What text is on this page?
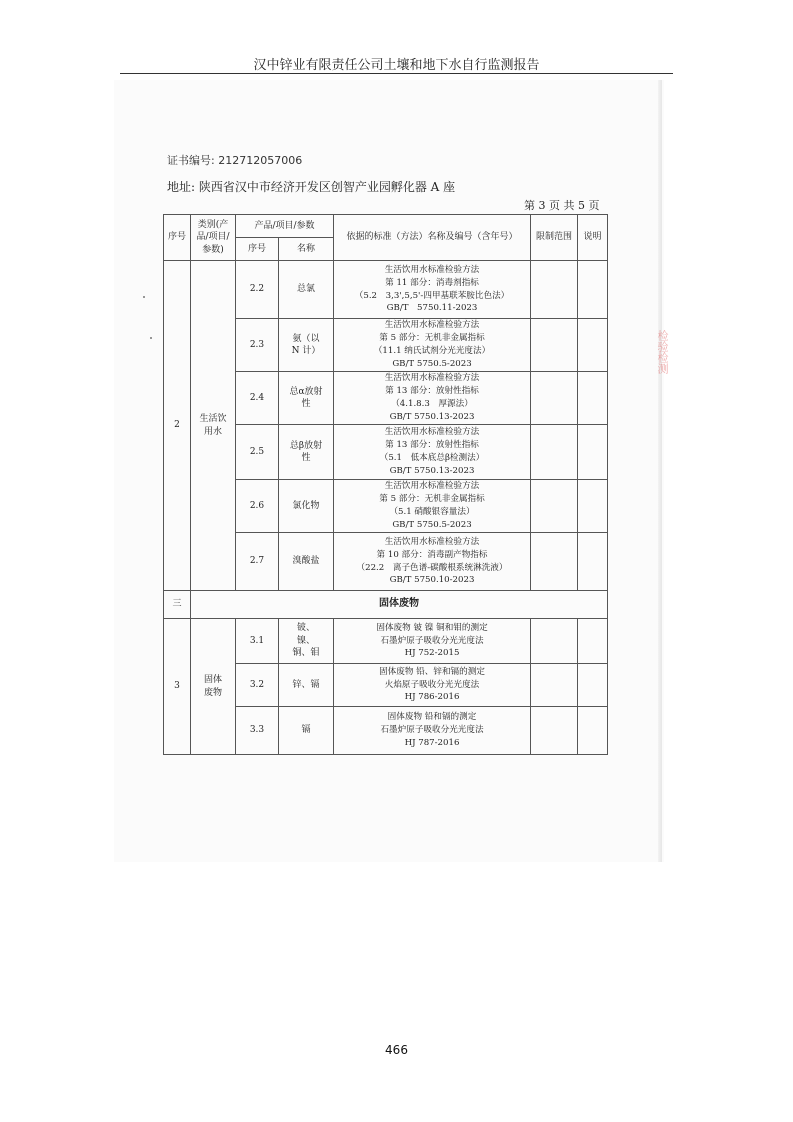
汉中锌业有限责任公司土壤和地下水自行监测报告
证书编号: 212712057006
地址: 陕西省汉中市经济开发区创智产业园孵化器 A 座
第 3 页 共 5 页
序号	类别(产品/项目/参数)	产品/项目/参数		依据的标准（方法）名称及编号（含年号）	限制范围	说明
		序号	名称			
2	生活饮用水	2.2	总氯	生活饮用水标准检验方法
第 11 部分：消毒剂指标
（5.2　3,3',5,5'-四甲基联苯胺比色法）
GB/T　5750.11-2023		

		2.3	氨（以 N 计）	生活饮用水标准检验方法
第 5 部分：无机非金属指标
（11.1 纳氏试剂分光光度法）
GB/T 5750.5-2023		

		2.4	总α放射性	生活饮用水标准检验方法
第 13 部分：放射性指标
（4.1.8.3　厚源法）
GB/T 5750.13-2023		

		2.5	总β放射性	生活饮用水标准检验方法
第 13 部分：放射性指标
（5.1　低本底总β检测法）
GB/T 5750.13-2023		

		2.6	氯化物	生活饮用水标准检验方法
第 5 部分：无机非金属指标
（5.1 硝酸银容量法）
GB/T 5750.5-2023		

		2.7	溴酸盐	生活饮用水标准检验方法
第 10 部分：消毒副产物指标
（22.2　离子色谱-碳酸根系统淋洗液）
GB/T 5750.10-2023		

三	固体废物					
3	固体废物	3.1	铍、镍、铜、钼	固体废物 铍 镍 铜和钼的测定
石墨炉原子吸收分光光度法
HJ 752-2015		

		3.2	锌、镉	固体废物 铅、锌和镉的测定
火焰原子吸收分光光度法
HJ 786-2016		

		3.3	镉	固体废物 铅和镉的测定
石墨炉原子吸收分光光度法
HJ 787-2016		

检验检测
466
